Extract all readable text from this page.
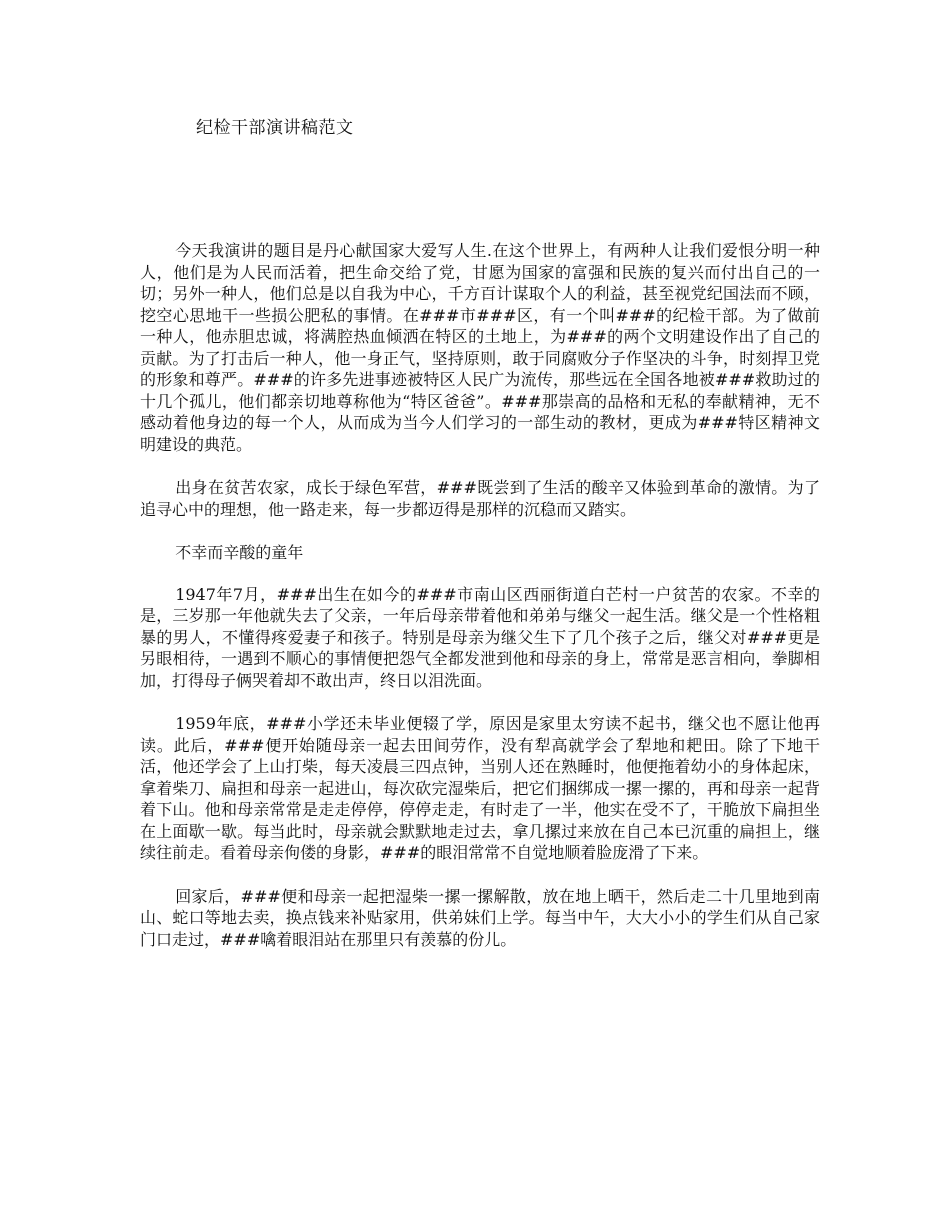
纪检干部演讲稿范文

今天我演讲的题目是丹心献国家大爱写人生.在这个世界上，有两种人让我们爱恨分明一种人，他们是为人民而活着，把生命交给了党，甘愿为国家的富强和民族的复兴而付出自己的一切；另外一种人，他们总是以自我为中心，千方百计谋取个人的利益，甚至视党纪国法而不顾，挖空心思地干一些损公肥私的事情。在###市###区，有一个叫###的纪检干部。为了做前一种人，他赤胆忠诚，将满腔热血倾洒在特区的土地上，为###的两个文明建设作出了自己的贡献。为了打击后一种人，他一身正气，坚持原则，敢于同腐败分子作坚决的斗争，时刻捍卫党的形象和尊严。###的许多先进事迹被特区人民广为流传，那些远在全国各地被###救助过的十几个孤儿，他们都亲切地尊称他为“特区爸爸”。###那崇高的品格和无私的奉献精神，无不感动着他身边的每一个人，从而成为当今人们学习的一部生动的教材，更成为###特区精神文明建设的典范。

出身在贫苦农家，成长于绿色军营，###既尝到了生活的酸辛又体验到革命的激情。为了追寻心中的理想，他一路走来，每一步都迈得是那样的沉稳而又踏实。

不幸而辛酸的童年

1947年7月，###出生在如今的###市南山区西丽街道白芒村一户贫苦的农家。不幸的是，三岁那一年他就失去了父亲，一年后母亲带着他和弟弟与继父一起生活。继父是一个性格粗暴的男人，不懂得疼爱妻子和孩子。特别是母亲为继父生下了几个孩子之后，继父对###更是另眼相待，一遇到不顺心的事情便把怨气全都发泄到他和母亲的身上，常常是恶言相向，拳脚相加，打得母子俩哭着却不敢出声，终日以泪洗面。

1959年底，###小学还未毕业便辍了学，原因是家里太穷读不起书，继父也不愿让他再读。此后，###便开始随母亲一起去田间劳作，没有犁高就学会了犁地和耙田。除了下地干活，他还学会了上山打柴，每天凌晨三四点钟，当别人还在熟睡时，他便拖着幼小的身体起床，拿着柴刀、扁担和母亲一起进山，每次砍完湿柴后，把它们捆绑成一摞一摞的，再和母亲一起背着下山。他和母亲常常是走走停停，停停走走，有时走了一半，他实在受不了，干脆放下扁担坐在上面歇一歇。每当此时，母亲就会默默地走过去，拿几摞过来放在自己本已沉重的扁担上，继续往前走。看着母亲佝偻的身影，###的眼泪常常不自觉地顺着脸庞滑了下来。

回家后，###便和母亲一起把湿柴一摞一摞解散，放在地上晒干，然后走二十几里地到南山、蛇口等地去卖，换点钱来补贴家用，供弟妹们上学。每当中午，大大小小的学生们从自己家门口走过，###噙着眼泪站在那里只有羡慕的份儿。
